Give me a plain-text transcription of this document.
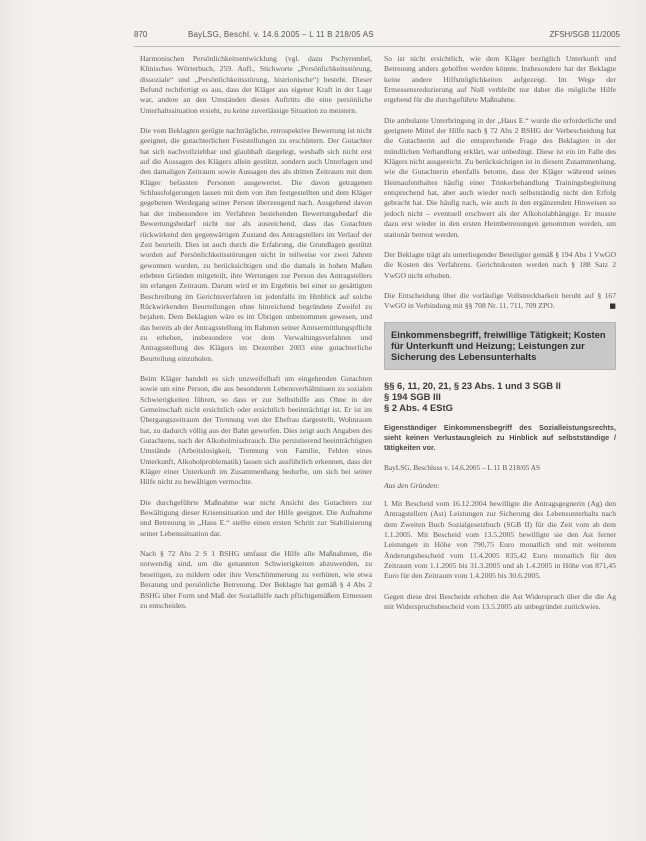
870	BayLSG, Beschl. v. 14.6.2005 – L 11 B 218/05 AS	ZFSH/SGB 11/2005

Harmonischen Persönlichkeitsentwicklung (vgl. dazu Pschyrembel, Klinisches Wörterbuch, 259. Aufl., Stichworte „Persönlichkeitsstörung, dissoziale“ und „Persönlichkeitsstörung, histrionische“) besteht. Dieser Befund rechtfertigt es aus, dass der Kläger aus eigener Kraft in der Lage war, andere an den Umständen dieses Auftritts die eine persönliche Unterhaltssituation ersieht, zu keine zuverlässige Situation zu meistern.

Die vom Beklagten gerügte nachträgliche, retrospektive Bewertung ist nicht geeignet, die gutachterlichen Feststellungen zu erschüttern. Der Gutachter hat sich nachvollziehbar und glaubhaft dargelegt, weshalb sich nicht erst auf die Aussagen des Klägers allein gestützt, sondern auch Unterlagen und den damaligen Zeitraum sowie Aussagen des als dritten Zeitraum mit dem Kläger befassten Personen ausgewertet. Die davon getragenen Schlussfolgerungen lassen mit dem von ihm festgestellten und dem Kläger gegebenen Werdegang seiner Person überzeugend nach. Ausgehend davon hat der insbesondere im Verfahren bestehenden Bewertungsbedarf die Bewertungsbedarf nicht nur als ausreichend, dass das Gutachten rückwirkend den gegenwärtigen Zustand des Antragstellers im Verlauf der Zeit beurteilt. Dies ist auch durch die Erfahrung, die Grundlagen gestützt worden auf Persönlichkeitsstörungen nicht in teilweise vor zwei Jahren gewonnen wurden, zu berücksichtigen und die damals in hohen Maßen erlebten Gründen mitgeteilt, ihre Wertungen zur Person des Antragstellers im erlangen Zeitraum. Darum wird er im Ergebnis bei einer so gesättigten Beschreibung im Gerichtsverfahren ist jedenfalls im Hinblick auf solche Rückwirkenden Beurteilungen ohne hinreichend begründete Zweifel zu bejahen. Dem Beklagten wäre es im Übrigen unbenommen gewesen, und das bereits ab der Antragsstellung im Rahmen seiner Amtsermittlungspflicht zu erheben, insbesondere vor dem Verwaltungsverfahren und Antragsstellung des Klägers im Dezember 2003 eine gutachterliche Beurteilung einzuholen.

Beim Kläger handelt es sich unzweifelhaft um eingehenden Gutachten sowie um eine Person, die aus besonderen Lebensverhältnissen zu sozialen Schwierigkeiten führen, so dass er zur Selbsthilfe aus Ohne in der Gemeinschaft nicht ersichtlich oder ersichtlich beeinträchtigt ist. Er ist im Übergangszeitraum der Trennung von der Ehefrau dargestellt, Wohnraum hat, zu dadurch völlig aus der Bahn geworfen. Dies zeigt auch Angaben des Gutachtens, nach der Alkoholmissbrauch. Die persistierend beeinträchtigten Umstände (Arbeitslosigkeit, Trennung von Familie, Fehlen eines Unterkunft, Alkoholproblematik) lassen sich ausführlich erkennen, dass der Kläger einer Unterkunft im Zusammenhang bedurfte, um sich bei seiner Hilfe nicht zu bewältigen vermochte.

Die durchgeführte Maßnahme war nicht Ansicht des Gutachters zur Bewältigung dieser Krisensituation und der Hilfe geeignet. Die Aufnahme und Betreuung in „Haus E.“ stellte einen ersten Schritt zur Stabilisierung seiner Lebenssituation dar.

Nach § 72 Abs 2 S 1 BSHG umfasst die Hilfe alle Maßnahmen, die notwendig sind, um die genannten Schwierigkeiten abzuwenden, zu beseitigen, zu mildern oder ihre Verschlimmerung zu verhüten, wie etwa Beratung und persönliche Betreuung. Der Beklagte hat gemäß § 4 Abs 2 BSHG über Form und Maß der Sozialhilfe nach pflichtgemäßem Ermessen zu entscheiden.

So ist nicht ersichtlich, wie dem Kläger bezüglich Unterkunft und Betreuung anders geholfen werden könnte. Insbesondere hat der Beklagte keine andere Hilfsmöglichkeiten aufgezeigt. Im Wege der Ermessensreduzierung auf Null verbleibt nur daher die mögliche Hilfe ergebend für die durchgeführte Maßnahme.

Die ambulante Unterbringung in der „Haus E.“ wurde die erforderliche und geeignete Mittel der Hilfe nach § 72 Abs 2 BSHG der Verbescheidung hat die Gutachterin auf die entsprechende Frage des Beklagten in der mündlichen Verhandlung erklärt, war unbedingt. Diese ist ein im Falle des Klägers nicht ausgereicht. Zu berücksichtigen ist in diesem Zusammenhang, wie die Gutachterin ebenfalls betonte, dass der Kläger während seines Heimaufenthaltes häufig einer Trinkerbehandlung Trainingsbegleitung entsprechend hat, aber auch wieder noch selbstständig nicht den Erfolg gebracht hat. Die häufig nach, wie auch in den ergänzenden Hinweisen so jedoch nicht – eventuell erschwert als der Alkoholabhängige. Er musste dazu erst wieder in den ersten Heimbetreuungen genommen werden, um stationär betreut werden.

Der Beklagte trägt als unterliegender Beteiligter gemäß § 194 Abs 1 VwGO die Kosten des Verfahrens. Gerichtskosten werden nach § 188 Satz 2 VwGO nicht erhoben.

Die Entscheidung über die vorläufige Vollstreckbarkeit beruht auf § 167 VwGO in Verbindung mit §§ 708 Nr. 11, 711, 709 ZPO.	■

Einkommensbegriff, freiwillige Tätigkeit; Kosten für Unterkunft und Heizung; Leistungen zur Sicherung des Lebensunterhalts
§§ 6, 11, 20, 21, § 23 Abs. 1 und 3 SGB II
§ 194 SGB III
§ 2 Abs. 4 EStG
Eigenständiger Einkommensbegriff des Sozialleistungsrechts, sieht keinen Verlustausgleich zu Hinblick auf selbstständige / tätigkeiten vor.
BayLSG, Beschluss v. 14.6.2005 – L 11 B 218/05 AS
Aus den Gründen:

I. Mit Bescheid vom 16.12.2004 bewilligte die Antragsgegnerin (Ag) den Antragstellern (Ast) Leistungen zur Sicherung des Lebensunterhalts nach dem Zweiten Buch Sozialgesetzbuch (SGB II) für die Zeit vom ab dem 1.1.2005. Mit Bescheid vom 13.5.2005 bewilligte sie den Ast ferner Leistungen in Höhe von 790,75 Euro monatlich und mit weiterem Änderungsbescheid vom 11.4.2005 835,42 Euro monatlich für den Zeitraum vom 1.1.2005 bis 31.3.2005 und ab 1.4.2005 in Höhe von 871,45 Euro für den Zeitraum vom 1.4.2005 bis 30.6.2005.

Gegen diese drei Bescheide erhoben die Ast Widerspruch über die die Ag mit Widerspruchsbescheid vom 13.5.2005 als unbegründet zurückwies.
